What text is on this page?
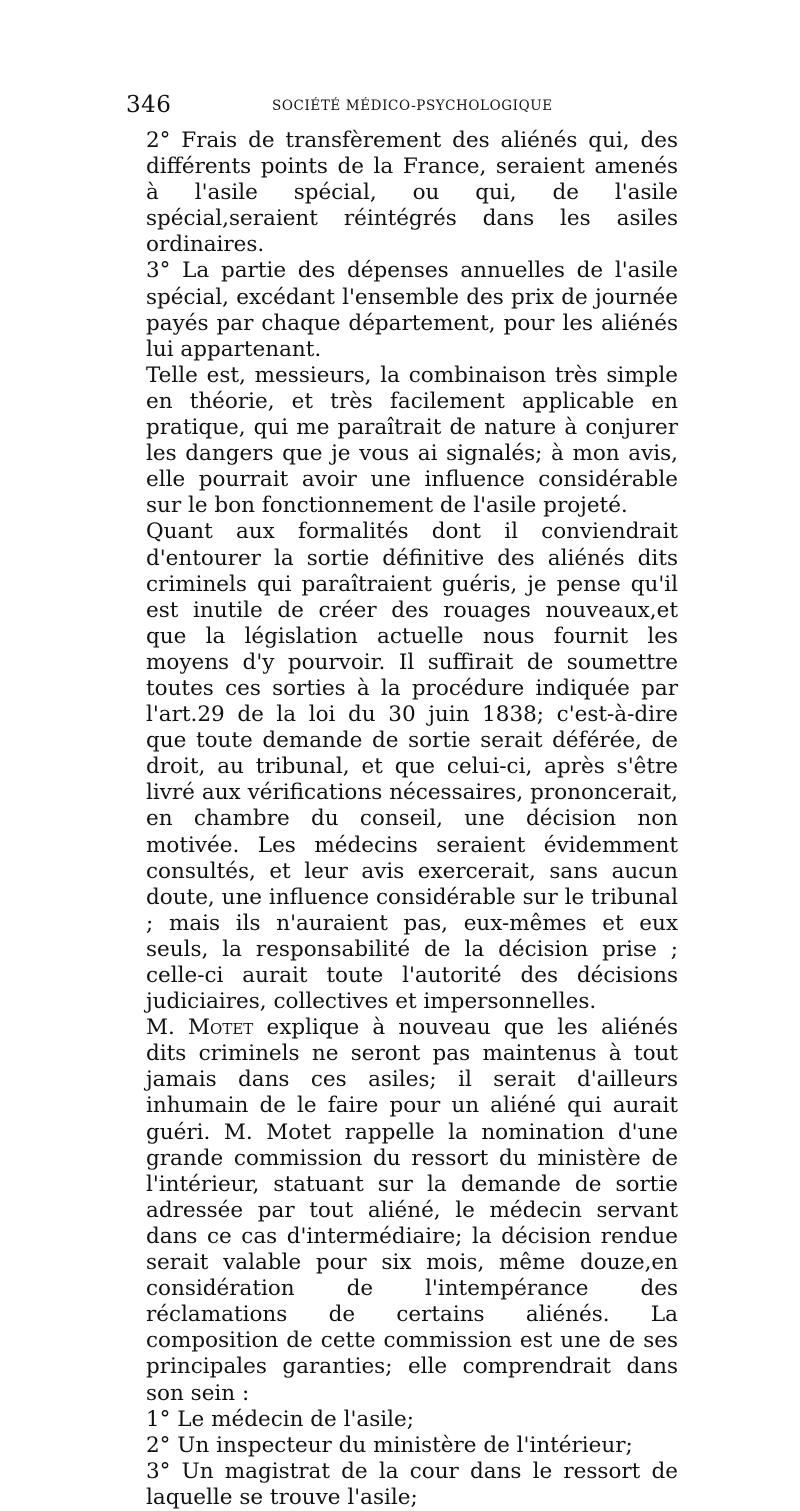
346	SOCIÉTÉ MÉDICO-PSYCHOLOGIQUE

2° Frais de transfèrement des aliénés qui, des différents points de la France, seraient amenés à l'asile spécial, ou qui, de l'asile spécial,seraient réintégrés dans les asiles ordinaires.

3° La partie des dépenses annuelles de l'asile spécial, excédant l'ensemble des prix de journée payés par chaque département, pour les aliénés lui appartenant.

Telle est, messieurs, la combinaison très simple en théorie, et très facilement applicable en pratique, qui me paraîtrait de nature à conjurer les dangers que je vous ai signalés; à mon avis, elle pourrait avoir une influence considérable sur le bon fonctionnement de l'asile projeté.

Quant aux formalités dont il conviendrait d'entourer la sortie définitive des aliénés dits criminels qui paraîtraient guéris, je pense qu'il est inutile de créer des rouages nouveaux,et que la législation actuelle nous fournit les moyens d'y pourvoir. Il suffirait de soumettre toutes ces sorties à la procédure indiquée par l'art.29 de la loi du 30 juin 1838; c'est-à-dire que toute demande de sortie serait déférée, de droit, au tribunal, et que celui-ci, après s'être livré aux vérifications nécessaires, prononcerait, en chambre du conseil, une décision non motivée. Les médecins seraient évidemment consultés, et leur avis exercerait, sans aucun doute, une influence considérable sur le tribunal ; mais ils n'auraient pas, eux-mêmes et eux seuls, la responsabilité de la décision prise ; celle-ci aurait toute l'autorité des décisions judiciaires, collectives et impersonnelles.

M. Motet explique à nouveau que les aliénés dits criminels ne seront pas maintenus à tout jamais dans ces asiles; il serait d'ailleurs inhumain de le faire pour un aliéné qui aurait guéri. M. Motet rappelle la nomination d'une grande commission du ressort du ministère de l'intérieur, statuant sur la demande de sortie adressée par tout aliéné, le médecin servant dans ce cas d'intermédiaire; la décision rendue serait valable pour six mois, même douze,en considération de l'intempérance des réclamations de certains aliénés. La composition de cette commission est une de ses principales garanties; elle comprendrait dans son sein :

1° Le médecin de l'asile;

2° Un inspecteur du ministère de l'intérieur;

3° Un magistrat de la cour dans le ressort de laquelle se trouve l'asile;
